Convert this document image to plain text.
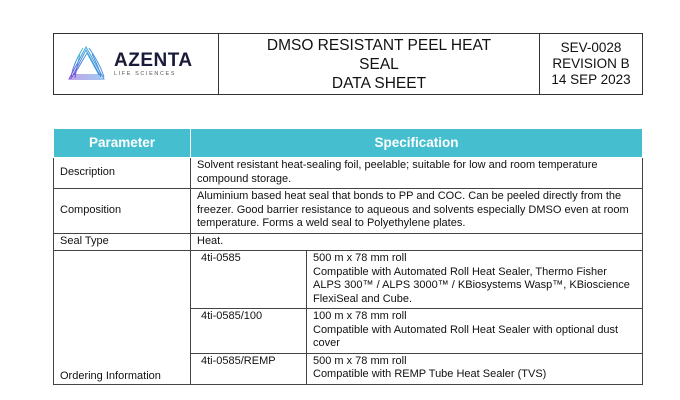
AZENTA
LIFE SCIENCES
DMSO RESISTANT PEEL HEAT
SEAL
DATA SHEET
SEV-0028
REVISION B
14 SEP 2023
Parameter	Specification	
Description	Solvent resistant heat-sealing foil, peelable; suitable for low and room temperature compound storage.	
Composition	Aluminium based heat seal that bonds to PP and COC. Can be peeled directly from the freezer. Good barrier resistance to aqueous and solvents especially DMSO even at room temperature. Forms a weld seal to Polyethylene plates.	
Seal Type	Heat.	
Ordering Information	4ti-0585	500 m x 78 mm roll
Compatible with Automated Roll Heat Sealer, Thermo Fisher ALPS 300™ / ALPS 3000™ / KBiosystems Wasp™, KBioscience FlexiSeal and Cube.

	4ti-0585/100	100 m x 78 mm roll
Compatible with Automated Roll Heat Sealer with optional dust cover

	4ti-0585/REMP	500 m x 78 mm roll
Compatible with REMP Tube Heat Sealer (TVS)
